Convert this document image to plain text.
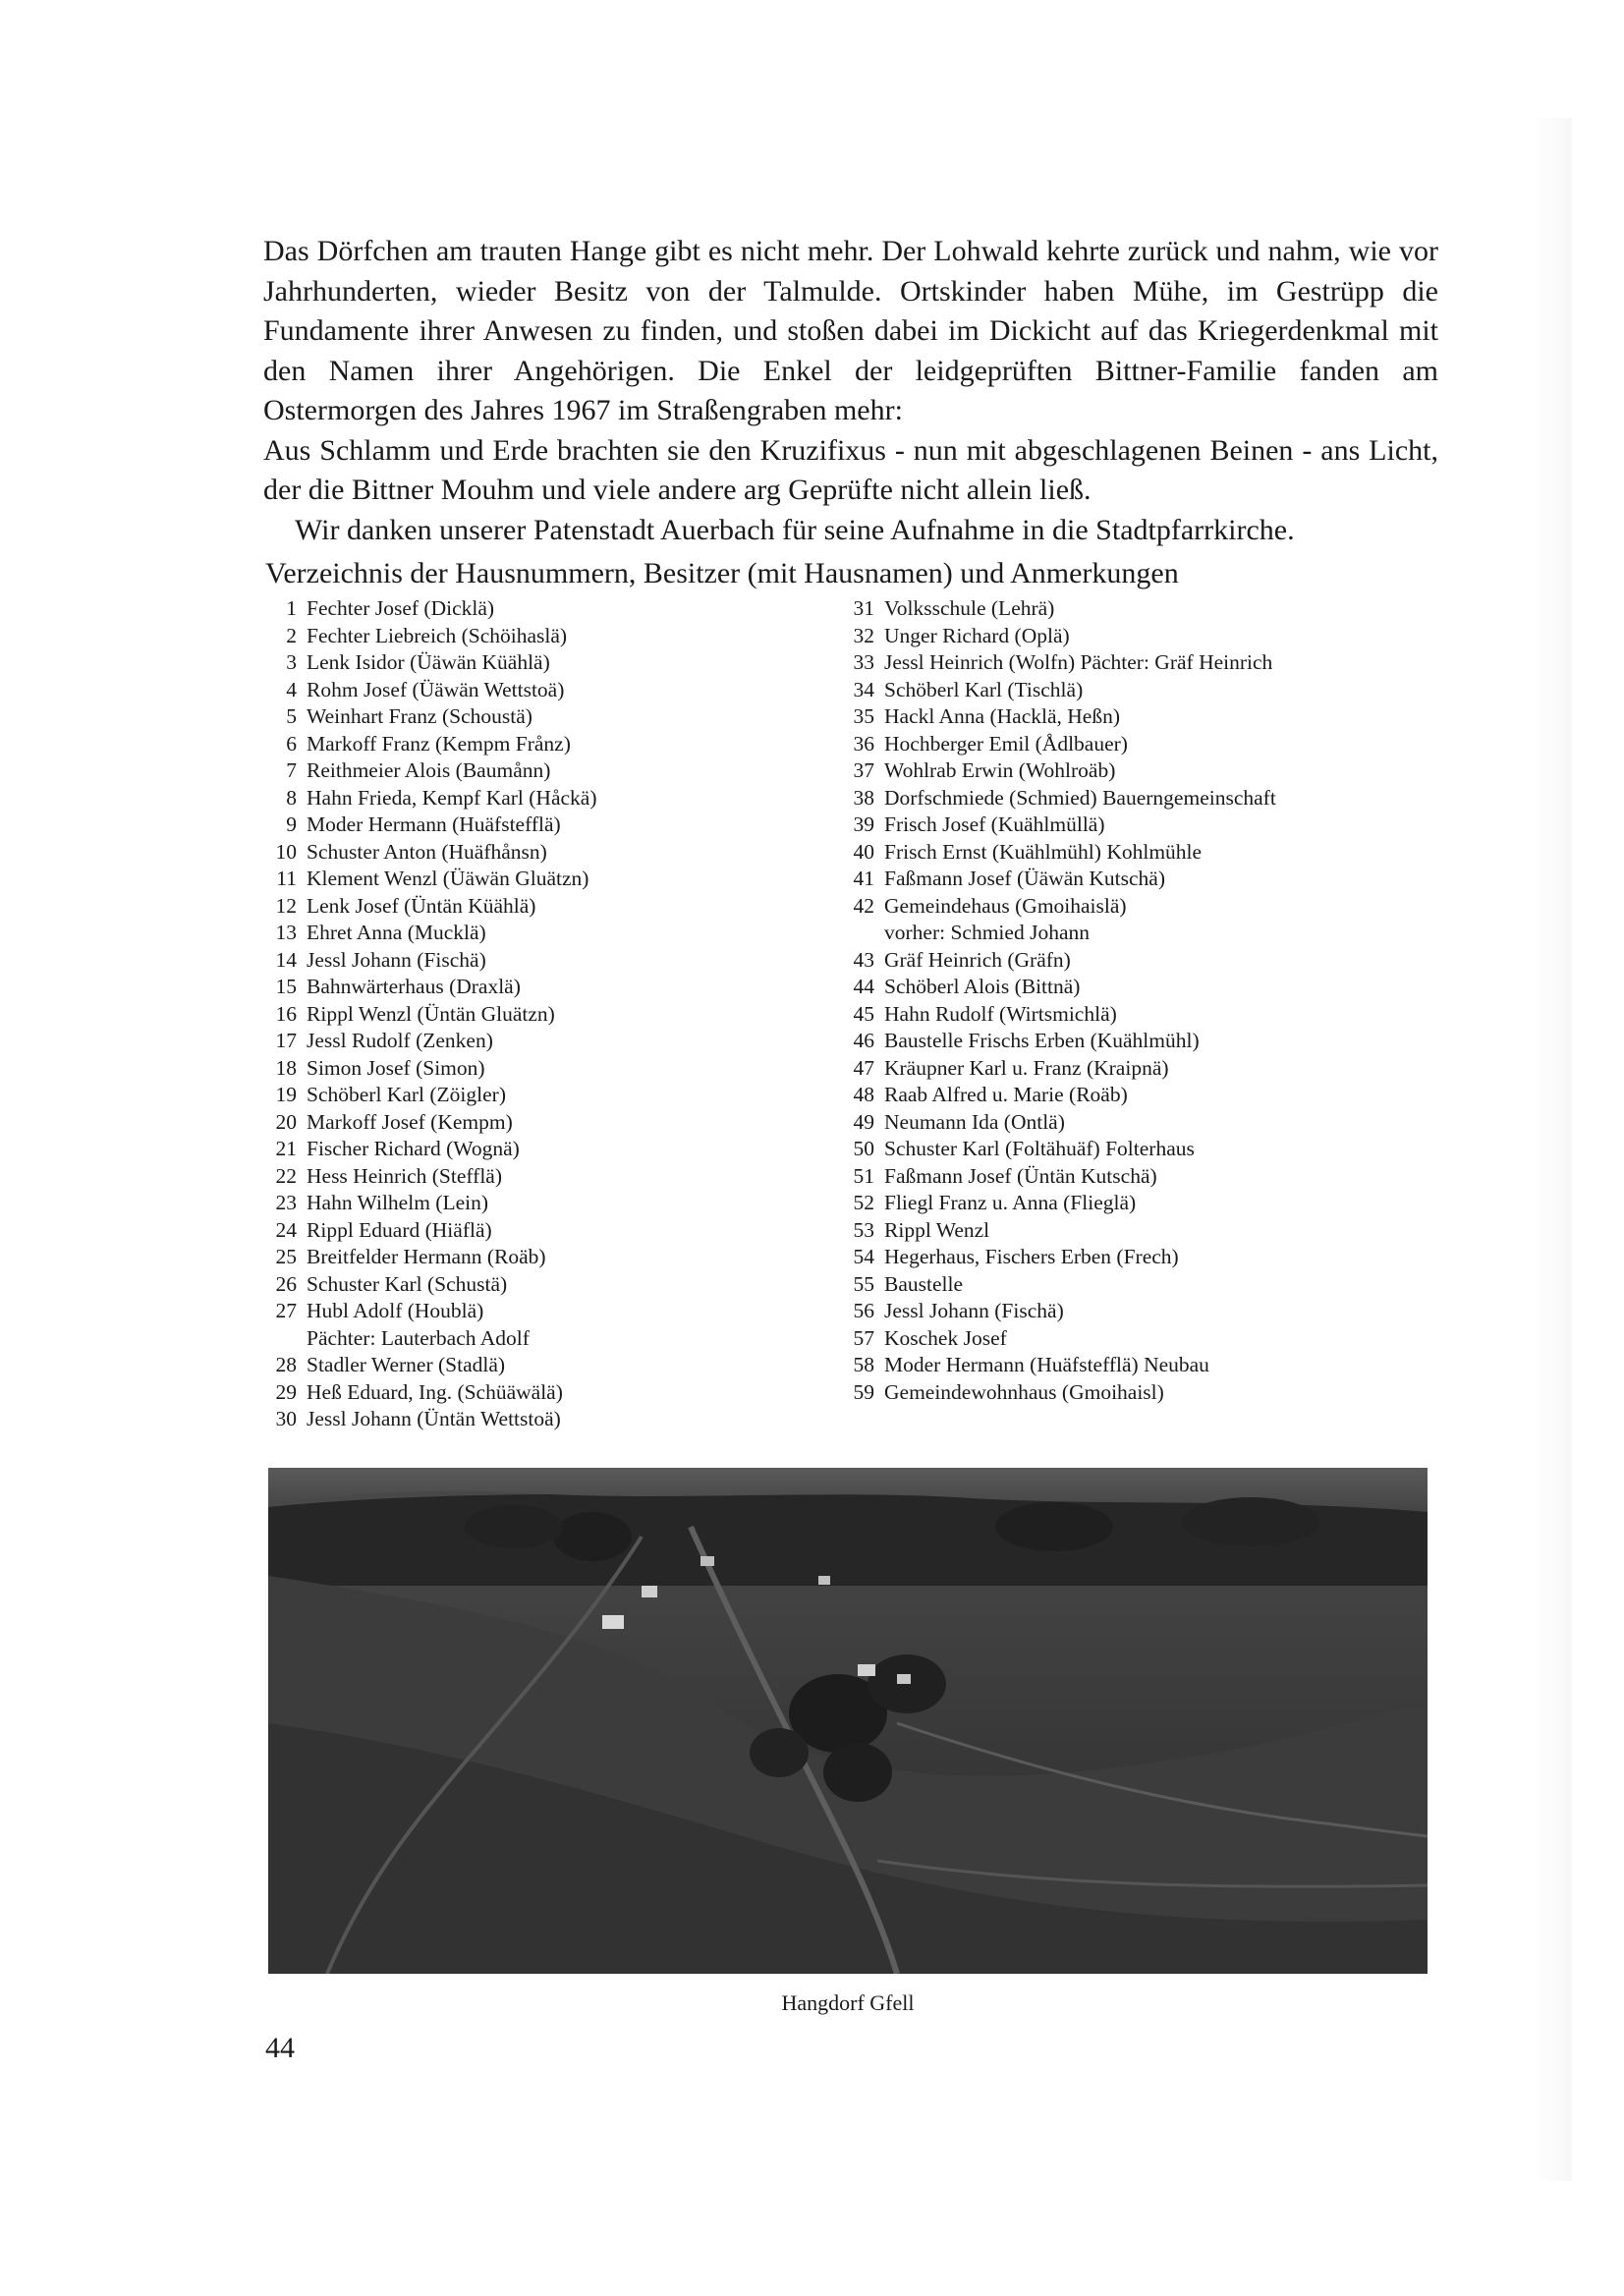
Das Dörfchen am trauten Hange gibt es nicht mehr. Der Lohwald kehrte zurück und nahm, wie vor Jahrhunderten, wieder Besitz von der Talmulde. Ortskinder haben Mühe, im Gestrüpp die Fundamente ihrer Anwesen zu finden, und stoßen dabei im Dickicht auf das Kriegerdenkmal mit den Namen ihrer Angehörigen. Die Enkel der leidgeprüften Bittner-Familie fanden am Ostermorgen des Jahres 1967 im Straßengraben mehr:

Aus Schlamm und Erde brachten sie den Kruzifixus - nun mit abgeschlagenen Beinen - ans Licht, der die Bittner Mouhm und viele andere arg Geprüfte nicht allein ließ.

Wir danken unserer Patenstadt Auerbach für seine Aufnahme in die Stadtpfarrkirche.

Verzeichnis der Hausnummern, Besitzer (mit Hausnamen) und Anmerkungen
1 Fechter Josef (Dicklä)
2 Fechter Liebreich (Schöihaslä)
3 Lenk Isidor (Üäwän Küählä)
4 Rohm Josef (Üäwän Wettstoä)
5 Weinhart Franz (Schoustä)
6 Markoff Franz (Kempm Frånz)
7 Reithmeier Alois (Baumånn)
8 Hahn Frieda, Kempf Karl (Håckä)
9 Moder Hermann (Huäfstefflä)
10 Schuster Anton (Huäfhånsn)
11 Klement Wenzl (Üäwän Gluätzn)
12 Lenk Josef (Üntän Küählä)
13 Ehret Anna (Mucklä)
14 Jessl Johann (Fischä)
15 Bahnwärterhaus (Draxlä)
16 Rippl Wenzl (Üntän Gluätzn)
17 Jessl Rudolf (Zenken)
18 Simon Josef (Simon)
19 Schöberl Karl (Zöigler)
20 Markoff Josef (Kempm)
21 Fischer Richard (Wognä)
22 Hess Heinrich (Stefflä)
23 Hahn Wilhelm (Lein)
24 Rippl Eduard (Hiäflä)
25 Breitfelder Hermann (Roäb)
26 Schuster Karl (Schustä)
27 Hubl Adolf (Houblä)
Pächter: Lauterbach Adolf
28 Stadler Werner (Stadlä)
29 Heß Eduard, Ing. (Schüäwälä)
30 Jessl Johann (Üntän Wettstoä)
31 Volksschule (Lehrä)
32 Unger Richard (Oplä)
33 Jessl Heinrich (Wolfn) Pächter: Gräf Heinrich
34 Schöberl Karl (Tischlä)
35 Hackl Anna (Hacklä, Heßn)
36 Hochberger Emil (Ådlbauer)
37 Wohlrab Erwin (Wohlroäb)
38 Dorfschmiede (Schmied) Bauerngemeinschaft
39 Frisch Josef (Kuählmüllä)
40 Frisch Ernst (Kuählmühl) Kohlmühle
41 Faßmann Josef (Üäwän Kutschä)
42 Gemeindehaus (Gmoihaislä)
vorher: Schmied Johann
43 Gräf Heinrich (Gräfn)
44 Schöberl Alois (Bittnä)
45 Hahn Rudolf (Wirtsmichlä)
46 Baustelle Frischs Erben (Kuählmühl)
47 Kräupner Karl u. Franz (Kraipnä)
48 Raab Alfred u. Marie (Roäb)
49 Neumann Ida (Ontlä)
50 Schuster Karl (Foltähuäf) Folterhaus
51 Faßmann Josef (Üntän Kutschä)
52 Fliegl Franz u. Anna (Flieglä)
53 Rippl Wenzl
54 Hegerhaus, Fischers Erben (Frech)
55 Baustelle
56 Jessl Johann (Fischä)
57 Koschek Josef
58 Moder Hermann (Huäfstefflä) Neubau
59 Gemeindewohnhaus (Gmoihaisl)
Hangdorf Gfell
44
